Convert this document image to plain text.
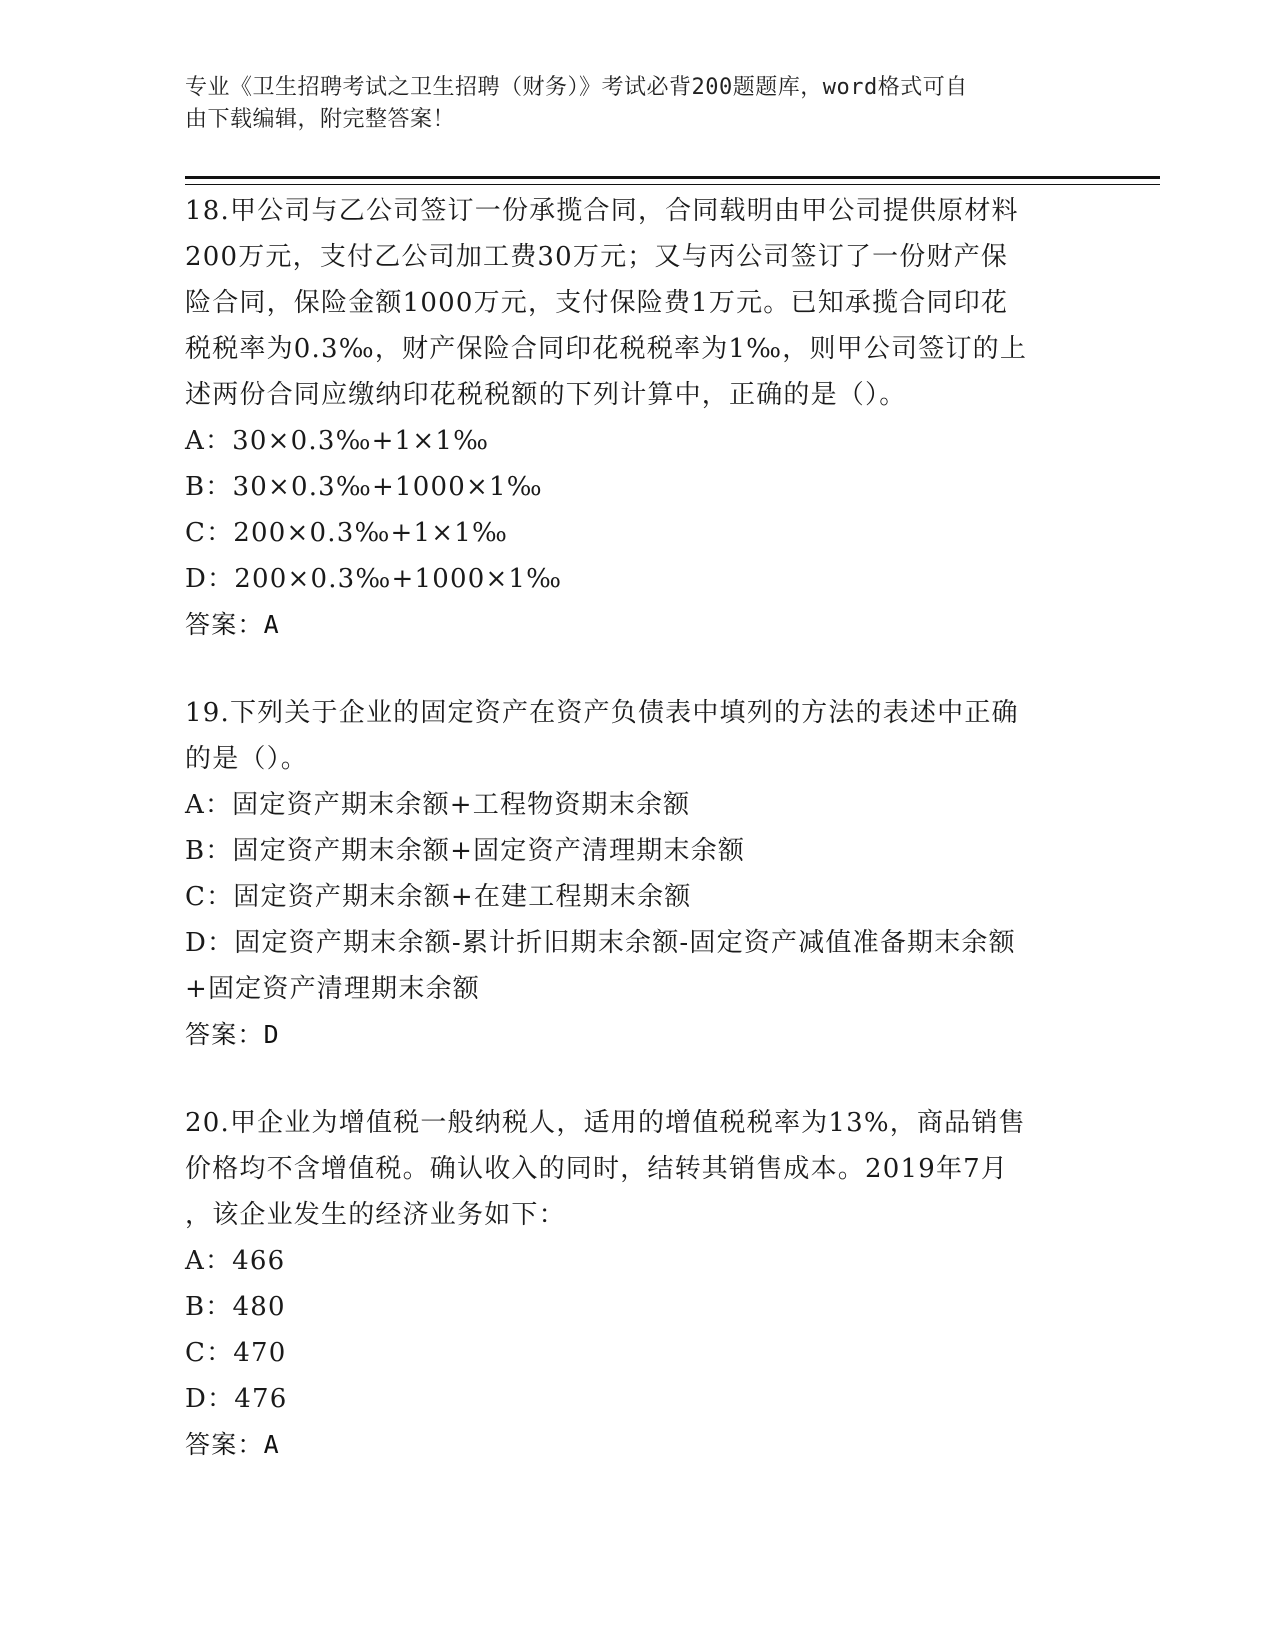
专业《卫生招聘考试之卫生招聘（财务）》考试必背200题题库，word格式可自
由下载编辑，附完整答案！
18.甲公司与乙公司签订一份承揽合同，合同载明由甲公司提供原材料
200万元，支付乙公司加工费30万元；又与丙公司签订了一份财产保
险合同，保险金额1000万元，支付保险费1万元。已知承揽合同印花
税税率为0.3‰，财产保险合同印花税税率为1‰，则甲公司签订的上
述两份合同应缴纳印花税税额的下列计算中，正确的是（）。
A：30×0.3‰+1×1‰
B：30×0.3‰+1000×1‰
C：200×0.3‰+1×1‰
D：200×0.3‰+1000×1‰
答案：A
19.下列关于企业的固定资产在资产负债表中填列的方法的表述中正确
的是（）。
A：固定资产期末余额+工程物资期末余额
B：固定资产期末余额+固定资产清理期末余额
C：固定资产期末余额+在建工程期末余额
D：固定资产期末余额-累计折旧期末余额-固定资产减值准备期末余额
+固定资产清理期末余额
答案：D
20.甲企业为增值税一般纳税人，适用的增值税税率为13%，商品销售
价格均不含增值税。确认收入的同时，结转其销售成本。2019年7月
，该企业发生的经济业务如下：
A：466
B：480
C：470
D：476
答案：A
